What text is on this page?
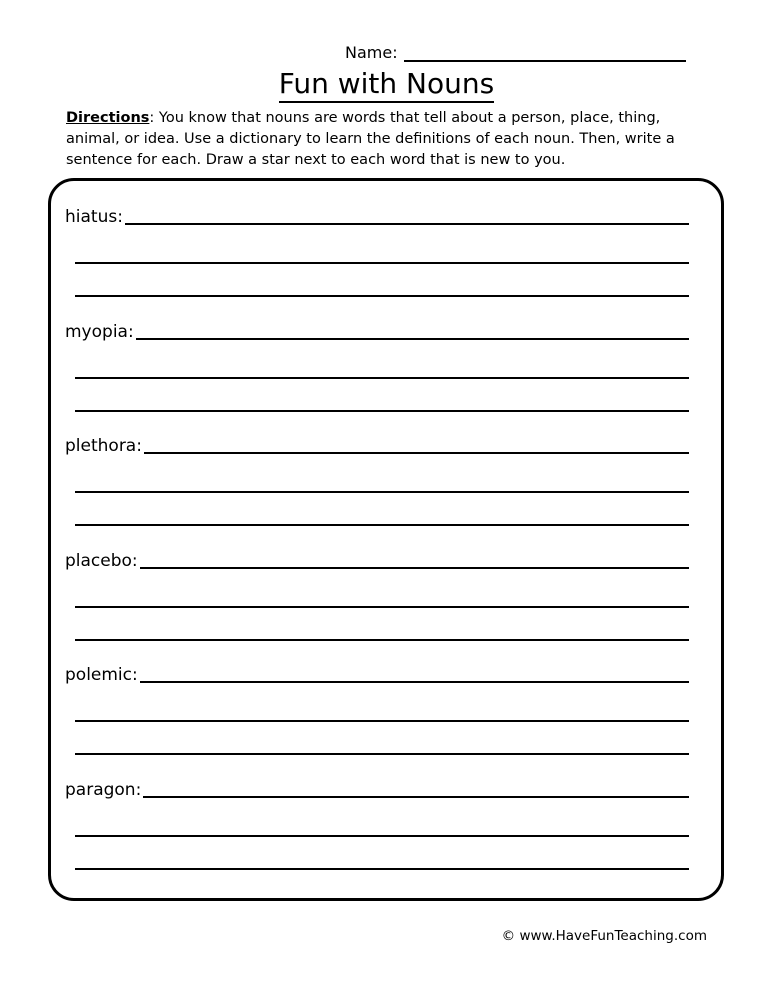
Name:
Fun with Nouns
Directions: You know that nouns are words that tell about a person, place, thing, animal, or idea. Use a dictionary to learn the definitions of each noun. Then, write a sentence for each. Draw a star next to each word that is new to you.
hiatus:
myopia:
plethora:
placebo:
polemic:
paragon:
© www.HaveFunTeaching.com
